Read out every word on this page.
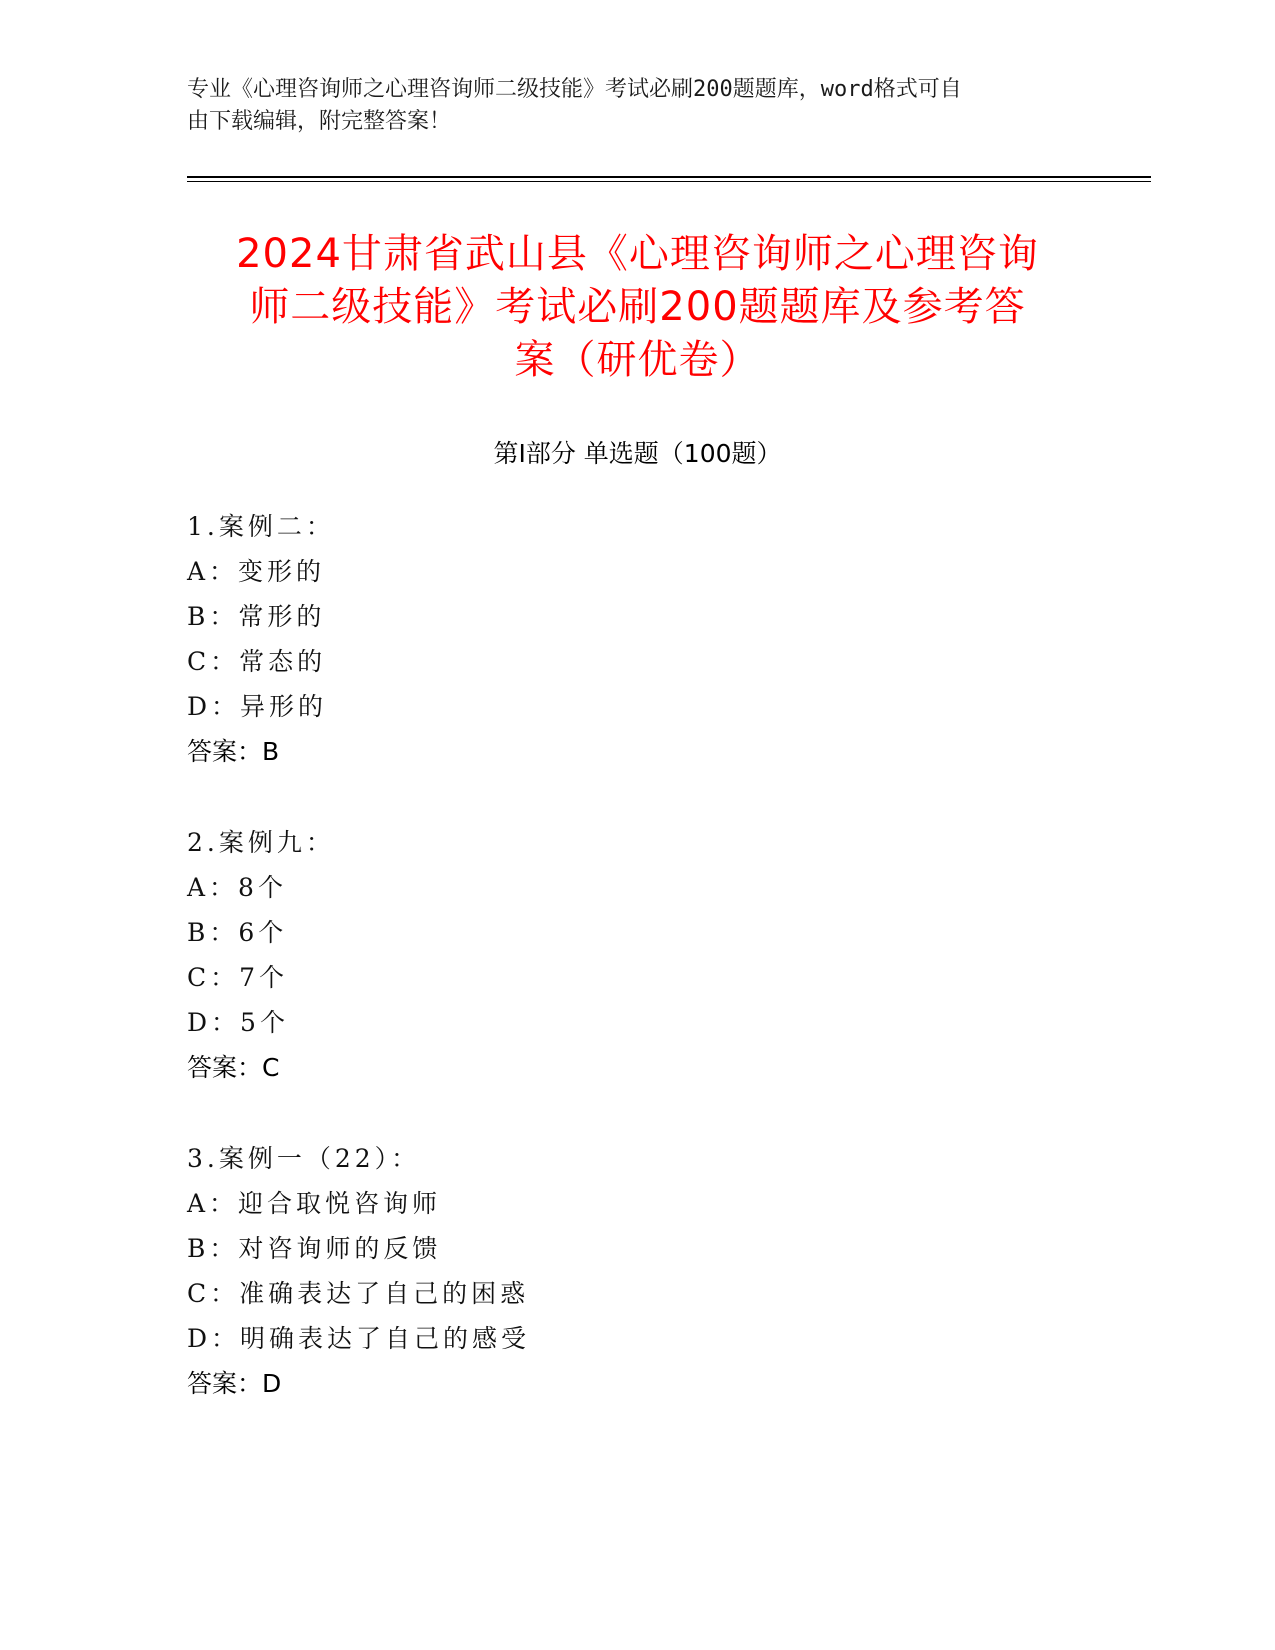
专业《心理咨询师之心理咨询师二级技能》考试必刷200题题库，word格式可自
由下载编辑，附完整答案！
2024甘肃省武山县《心理咨询师之心理咨询
师二级技能》考试必刷200题题库及参考答
案（研优卷）
第Ⅰ部分 单选题（100题）
1.案例二：
A：变形的
B：常形的
C：常态的
D：异形的
答案：B
2.案例九：
A：8个
B：6个
C：7个
D：5个
答案：C
3.案例一（22）：
A：迎合取悦咨询师
B：对咨询师的反馈
C：准确表达了自己的困惑
D：明确表达了自己的感受
答案：D
